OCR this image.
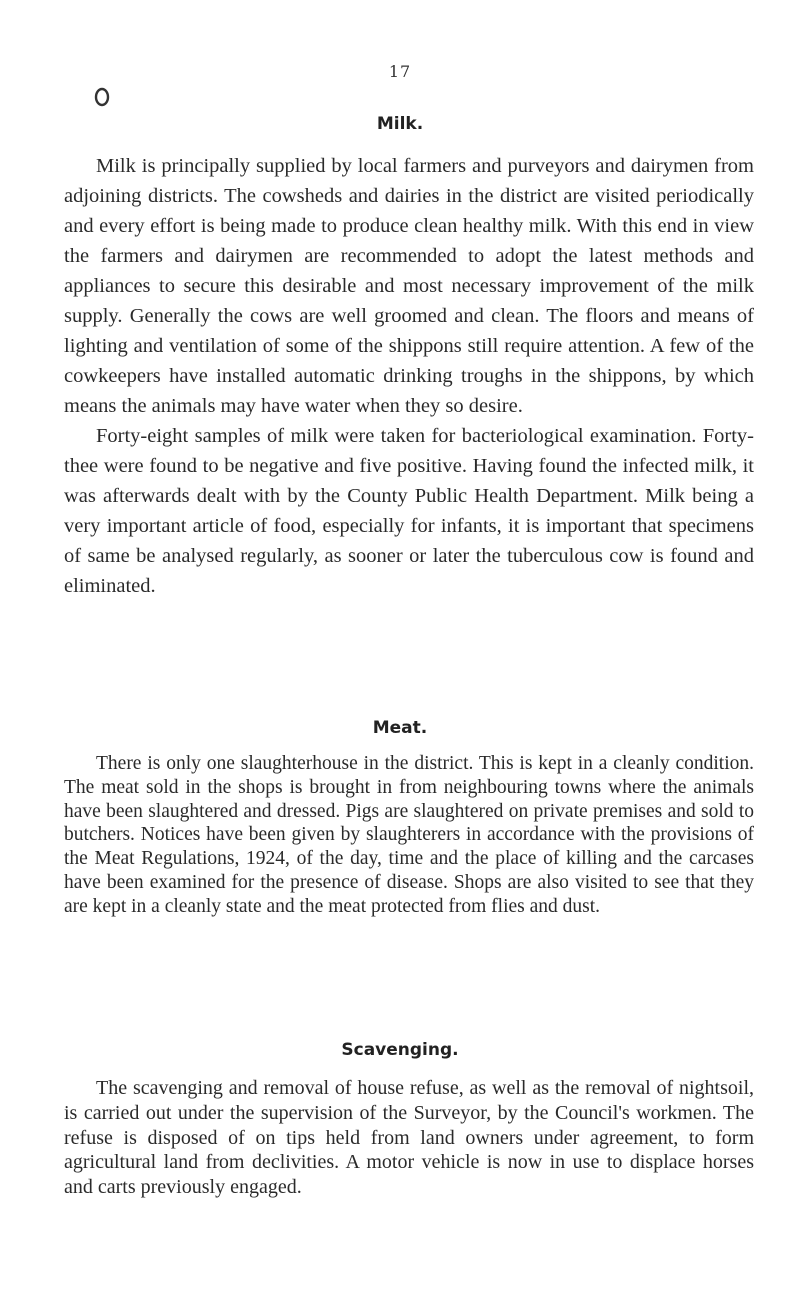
17
Milk.

Milk is principally supplied by local farmers and purveyors and dairymen from adjoining districts. The cowsheds and dairies in the district are visited periodically and every effort is being made to produce clean healthy milk. With this end in view the farmers and dairymen are recommended to adopt the latest methods and appliances to secure this desirable and most necessary improvement of the milk supply. Generally the cows are well groomed and clean. The floors and means of lighting and ventilation of some of the shippons still require attention. A few of the cowkeepers have installed automatic drinking troughs in the shippons, by which means the animals may have water when they so desire.

Forty-eight samples of milk were taken for bacteriological examination. Forty-thee were found to be negative and five positive. Having found the infected milk, it was afterwards dealt with by the County Public Health Department. Milk being a very important article of food, especially for infants, it is important that specimens of same be analysed regularly, as sooner or later the tuberculous cow is found and eliminated.

Meat.

There is only one slaughterhouse in the district. This is kept in a cleanly condition. The meat sold in the shops is brought in from neighbouring towns where the animals have been slaughtered and dressed. Pigs are slaughtered on private premises and sold to butchers. Notices have been given by slaughterers in accordance with the provisions of the Meat Regulations, 1924, of the day, time and the place of killing and the carcases have been examined for the presence of disease. Shops are also visited to see that they are kept in a cleanly state and the meat protected from flies and dust.

Scavenging.

The scavenging and removal of house refuse, as well as the removal of nightsoil, is carried out under the supervision of the Surveyor, by the Council's workmen. The refuse is disposed of on tips held from land owners under agreement, to form agricultural land from declivities. A motor vehicle is now in use to displace horses and carts previously engaged.
